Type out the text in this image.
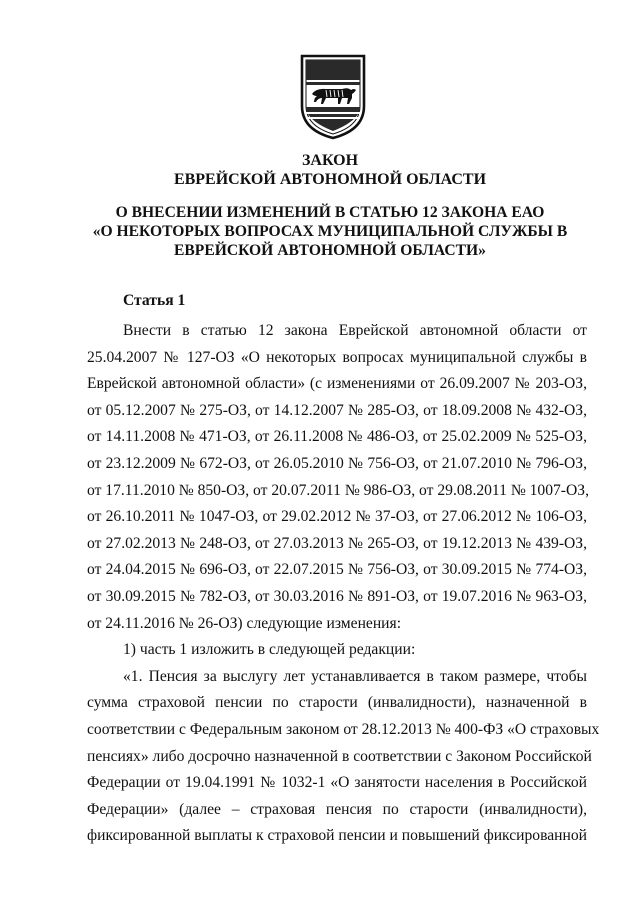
ЗАКОН
ЕВРЕЙСКОЙ АВТОНОМНОЙ ОБЛАСТИ
О ВНЕСЕНИИ ИЗМЕНЕНИЙ В СТАТЬЮ 12 ЗАКОНА ЕАО
«О НЕКОТОРЫХ ВОПРОСАХ МУНИЦИПАЛЬНОЙ СЛУЖБЫ В
ЕВРЕЙСКОЙ АВТОНОМНОЙ ОБЛАСТИ»
Статья 1
Внести в статью 12 закона Еврейской автономной области от
25.04.2007 № 127-ОЗ «О некоторых вопросах муниципальной службы в
Еврейской автономной области» (с изменениями от 26.09.2007 № 203-ОЗ,
от 05.12.2007 № 275-ОЗ, от 14.12.2007 № 285-ОЗ, от 18.09.2008 № 432-ОЗ,
от 14.11.2008 № 471-ОЗ, от 26.11.2008 № 486-ОЗ, от 25.02.2009 № 525-ОЗ,
от 23.12.2009 № 672-ОЗ, от 26.05.2010 № 756-ОЗ, от 21.07.2010 № 796-ОЗ,
от 17.11.2010 № 850-ОЗ, от 20.07.2011 № 986-ОЗ, от 29.08.2011 № 1007-ОЗ,
от 26.10.2011 № 1047-ОЗ, от 29.02.2012 № 37-ОЗ, от 27.06.2012 № 106-ОЗ,
от 27.02.2013 № 248-ОЗ, от 27.03.2013 № 265-ОЗ, от 19.12.2013 № 439-ОЗ,
от 24.04.2015 № 696-ОЗ, от 22.07.2015 № 756-ОЗ, от 30.09.2015 № 774-ОЗ,
от 30.09.2015 № 782-ОЗ, от 30.03.2016 № 891-ОЗ, от 19.07.2016 № 963-ОЗ,
от 24.11.2016 № 26-ОЗ) следующие изменения:
1) часть 1 изложить в следующей редакции:
«1. Пенсия за выслугу лет устанавливается в таком размере, чтобы
сумма страховой пенсии по старости (инвалидности), назначенной в
соответствии с Федеральным законом от 28.12.2013 № 400-ФЗ «О страховых
пенсиях» либо досрочно назначенной в соответствии с Законом Российской
Федерации от 19.04.1991 № 1032-1 «О занятости населения в Российской
Федерации» (далее – страховая пенсия по старости (инвалидности),
фиксированной выплаты к страховой пенсии и повышений фиксированной
